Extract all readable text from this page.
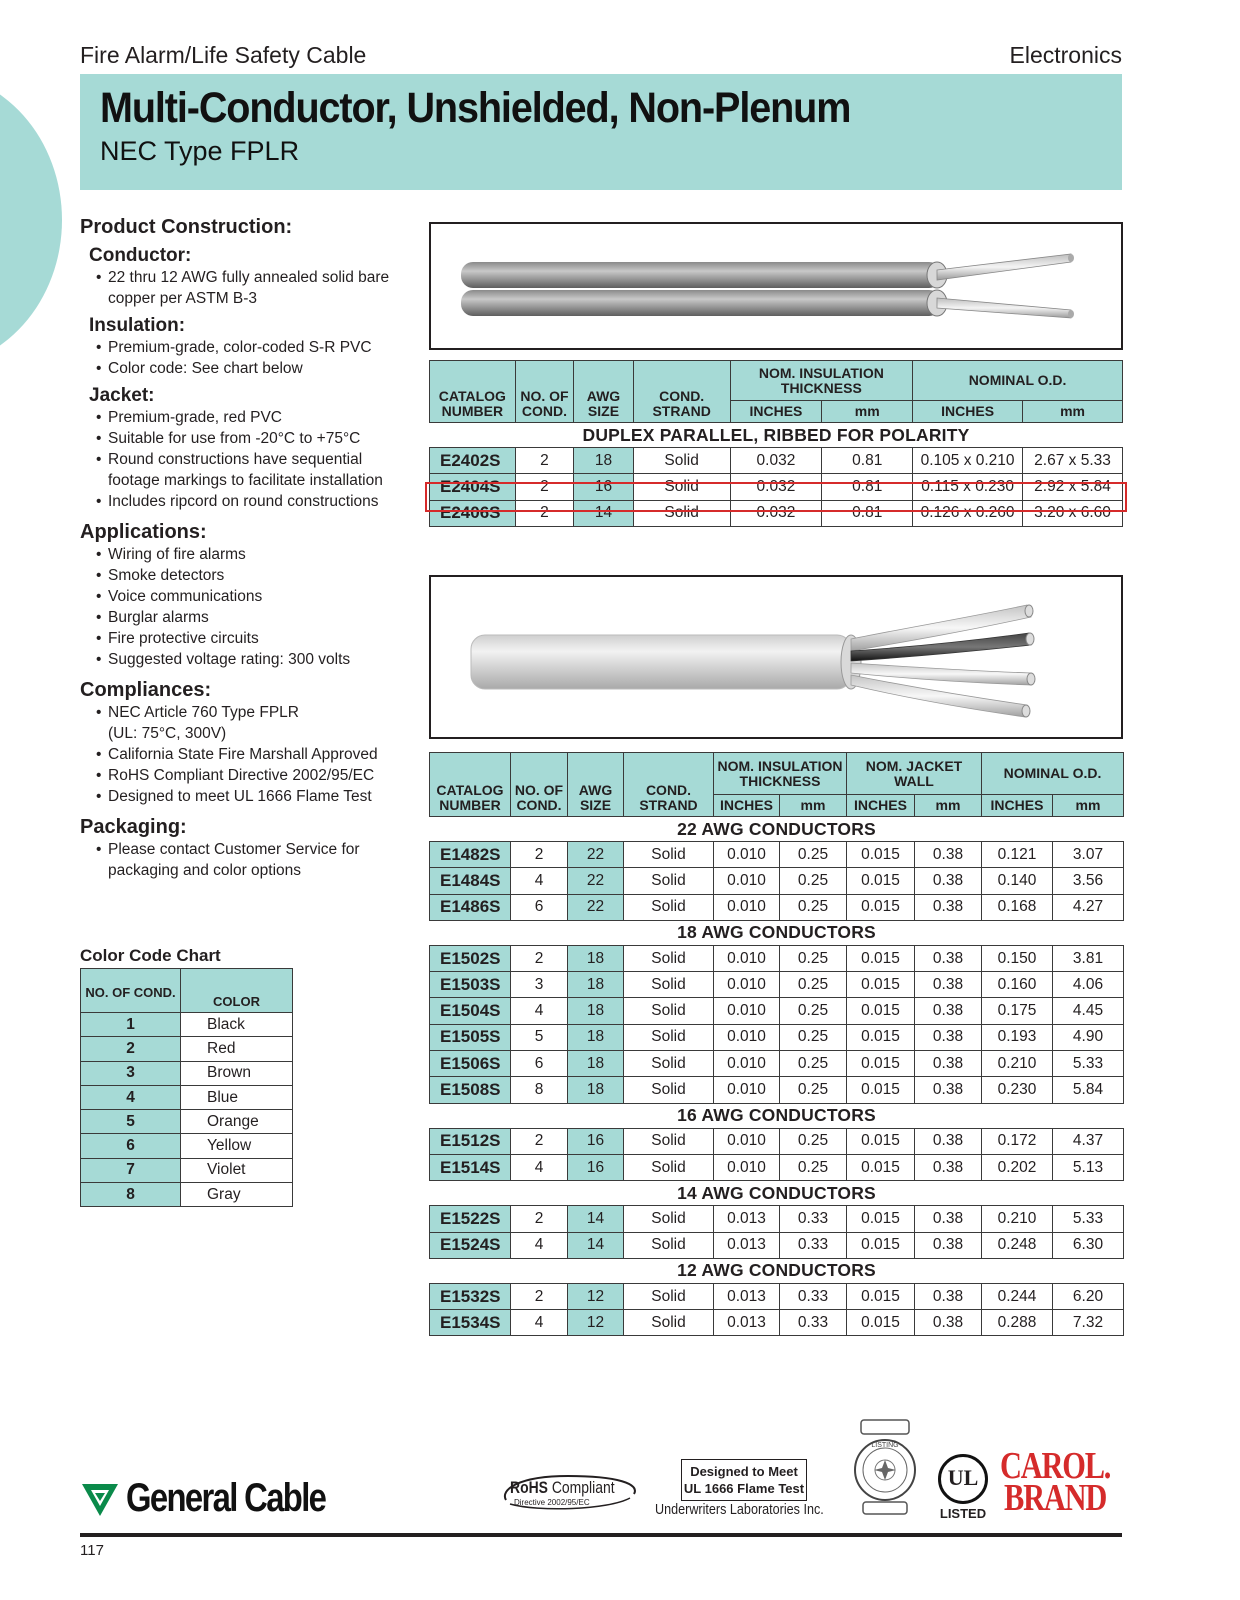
Fire Alarm/Life Safety Cable	Electronics
Multi-Conductor, Unshielded, Non-Plenum
NEC Type FPLR
Product Construction:
Conductor:
• 22 thru 12 AWG fully annealed solid bare
copper per ASTM B-3
Insulation:
• Premium-grade, color-coded S-R PVC
• Color code: See chart below
Jacket:
• Premium-grade, red PVC
• Suitable for use from -20°C to +75°C
• Round constructions have sequential
footage markings to facilitate installation
• Includes ripcord on round constructions
Applications:
• Wiring of fire alarms
• Smoke detectors
• Voice communications
• Burglar alarms
• Fire protective circuits
• Suggested voltage rating: 300 volts
Compliances:
• NEC Article 760 Type FPLR
(UL: 75°C, 300V)
• California State Fire Marshall Approved
• RoHS Compliant Directive 2002/95/EC
• Designed to meet UL 1666 Flame Test
Packaging:
• Please contact Customer Service for
packaging and color options
Color Code Chart
NO. OF COND.	COLOR
1	Black
2	Red
3	Brown
4	Blue
5	Orange
6	Yellow
7	Violet
8	Gray
CATALOG NUMBER	NO. OF COND.	AWG SIZE	COND. STRAND	NOM. INSULATION THICKNESS		NOMINAL O.D.	
				INCHES	mm	INCHES	mm
DUPLEX PARALLEL, RIBBED FOR POLARITY							
E2402S	2	18	Solid	0.032	0.81	0.105 x 0.210	2.67 x 5.33
E2404S	2	16	Solid	0.032	0.81	0.115 x 0.230	2.92 x 5.84
E2406S	2	14	Solid	0.032	0.81	0.126 x 0.260	3.20 x 6.60
CATALOG NUMBER	NO. OF COND.	AWG SIZE	COND. STRAND	NOM. INSULATION THICKNESS		NOM. JACKET WALL		NOMINAL O.D.	
				INCHES	mm	INCHES	mm	INCHES	mm
22 AWG CONDUCTORS									
E1482S	2	22	Solid	0.010	0.25	0.015	0.38	0.121	3.07
E1484S	4	22	Solid	0.010	0.25	0.015	0.38	0.140	3.56
E1486S	6	22	Solid	0.010	0.25	0.015	0.38	0.168	4.27
18 AWG CONDUCTORS									
E1502S	2	18	Solid	0.010	0.25	0.015	0.38	0.150	3.81
E1503S	3	18	Solid	0.010	0.25	0.015	0.38	0.160	4.06
E1504S	4	18	Solid	0.010	0.25	0.015	0.38	0.175	4.45
E1505S	5	18	Solid	0.010	0.25	0.015	0.38	0.193	4.90
E1506S	6	18	Solid	0.010	0.25	0.015	0.38	0.210	5.33
E1508S	8	18	Solid	0.010	0.25	0.015	0.38	0.230	5.84
16 AWG CONDUCTORS									
E1512S	2	16	Solid	0.010	0.25	0.015	0.38	0.172	4.37
E1514S	4	16	Solid	0.010	0.25	0.015	0.38	0.202	5.13
14 AWG CONDUCTORS									
E1522S	2	14	Solid	0.013	0.33	0.015	0.38	0.210	5.33
E1524S	4	14	Solid	0.013	0.33	0.015	0.38	0.248	6.30
12 AWG CONDUCTORS									
E1532S	2	12	Solid	0.013	0.33	0.015	0.38	0.244	6.20
E1534S	4	12	Solid	0.013	0.33	0.015	0.38	0.288	7.32
General Cable	RoHS Compliant
Directive 2002/95/EC
Designed to Meet
UL 1666 Flame Test
Underwriters Laboratories Inc.
LISTING
UL
LISTED
CAROL.
BRAND
117
